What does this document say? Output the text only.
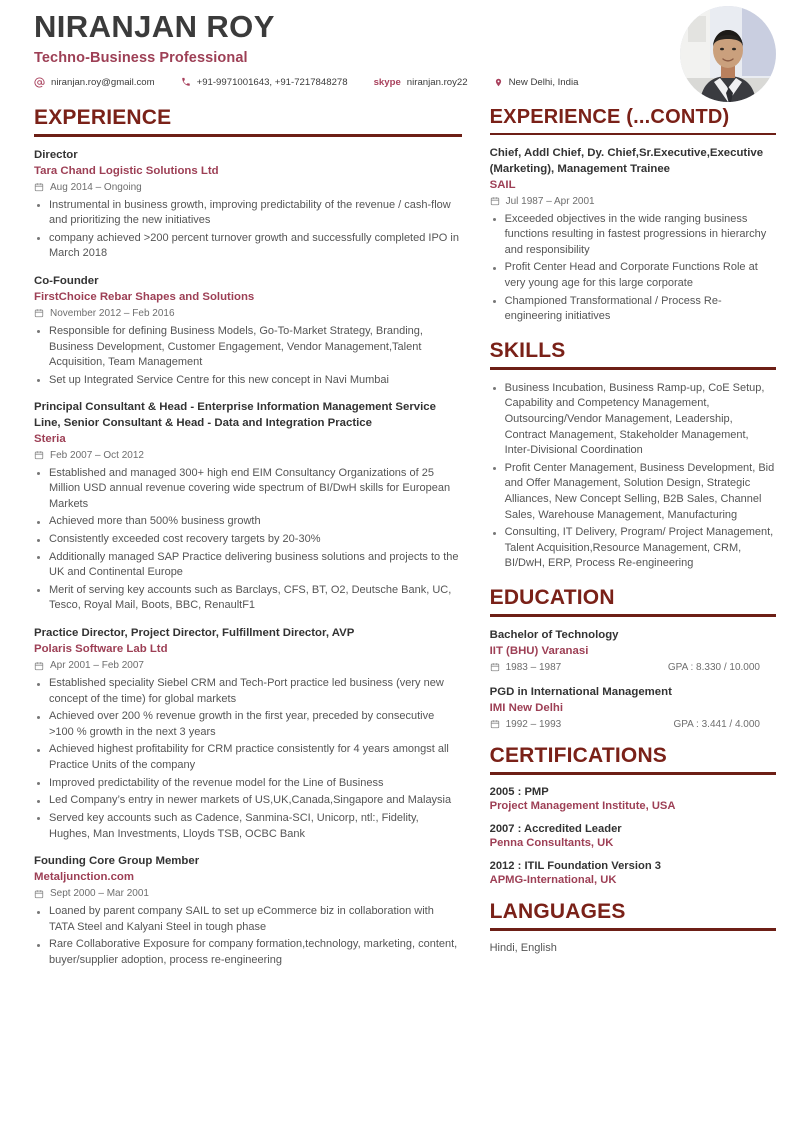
NIRANJAN ROY
Techno-Business Professional
niranjan.roy@gmail.com	+91-9971001643, +91-7217848278	skype niranjan.roy22	New Delhi, India
EXPERIENCE
Director
Tara Chand Logistic Solutions Ltd
Aug 2014 – Ongoing
Instrumental in business growth, improving predictability of the revenue / cash-flow and prioritizing the new initiatives
company achieved >200 percent turnover growth and successfully completed IPO in March 2018
Co-Founder
FirstChoice Rebar Shapes and Solutions
November 2012 – Feb 2016
Responsible for defining Business Models, Go-To-Market Strategy, Branding, Business Development, Customer Engagement, Vendor Management,Talent Acquisition, Team Management
Set up Integrated Service Centre for this new concept in Navi Mumbai
Principal Consultant & Head - Enterprise Information Management Service Line, Senior Consultant & Head - Data and Integration Practice
Steria
Feb 2007 – Oct 2012
Established and managed 300+ high end EIM Consultancy Organizations of 25 Million USD annual revenue covering wide spectrum of BI/DwH skills for European Markets
Achieved more than 500% business growth
Consistently exceeded cost recovery targets by 20-30%
Additionally managed SAP Practice delivering business solutions and projects to the UK and Continental Europe
Merit of serving key accounts such as Barclays, CFS, BT, O2, Deutsche Bank, UC, Tesco, Royal Mail, Boots, BBC, RenaultF1
Practice Director, Project Director, Fulfillment Director, AVP
Polaris Software Lab Ltd
Apr 2001 – Feb 2007
Established speciality Siebel CRM and Tech-Port practice led business (very new concept of the time) for global markets
Achieved over 200 % revenue growth in the first year, preceded by consecutive >100 % growth in the next 3 years
Achieved highest profitability for CRM practice consistently for 4 years amongst all Practice Units of the company
Improved predictability of the revenue model for the Line of Business
Led Company’s entry in newer markets of US,UK,Canada,Singapore and Malaysia
Served key accounts such as Cadence, Sanmina-SCI, Unicorp, ntl:, Fidelity, Hughes, Man Investments, Lloyds TSB, OCBC Bank
Founding Core Group Member
Metaljunction.com
Sept 2000 – Mar 2001
Loaned by parent company SAIL to set up eCommerce biz in collaboration with TATA Steel and Kalyani Steel in tough phase
Rare Collaborative Exposure for company formation,technology, marketing, content, buyer/supplier adoption, process re-engineering
EXPERIENCE (...CONTD)
Chief, Addl Chief, Dy. Chief,Sr.Executive,Executive (Marketing), Management Trainee
SAIL
Jul 1987 – Apr 2001
Exceeded objectives in the wide ranging business functions resulting in fastest progressions in hierarchy and responsibility
Profit Center Head and Corporate Functions Role at very young age for this large corporate
Championed Transformational / Process Re-engineering initiatives
SKILLS
Business Incubation, Business Ramp-up, CoE Setup, Capability and Competency Management, Outsourcing/Vendor Management, Leadership, Contract Management, Stakeholder Management, Inter-Divisional Coordination
Profit Center Management, Business Development, Bid and Offer Management, Solution Design, Strategic Alliances, New Concept Selling, B2B Sales, Channel Sales, Warehouse Management, Manufacturing
Consulting, IT Delivery, Program/ Project Management, Talent Acquisition,Resource Management, CRM, BI/DwH, ERP, Process Re-engineering
EDUCATION
Bachelor of Technology
IIT (BHU) Varanasi
1983 – 1987	GPA : 8.330 / 10.000
PGD in International Management
IMI New Delhi
1992 – 1993	GPA : 3.441 / 4.000
CERTIFICATIONS
2005 : PMP
Project Management Institute, USA
2007 : Accredited Leader
Penna Consultants, UK
2012 : ITIL Foundation Version 3
APMG-International, UK
LANGUAGES
Hindi, English
